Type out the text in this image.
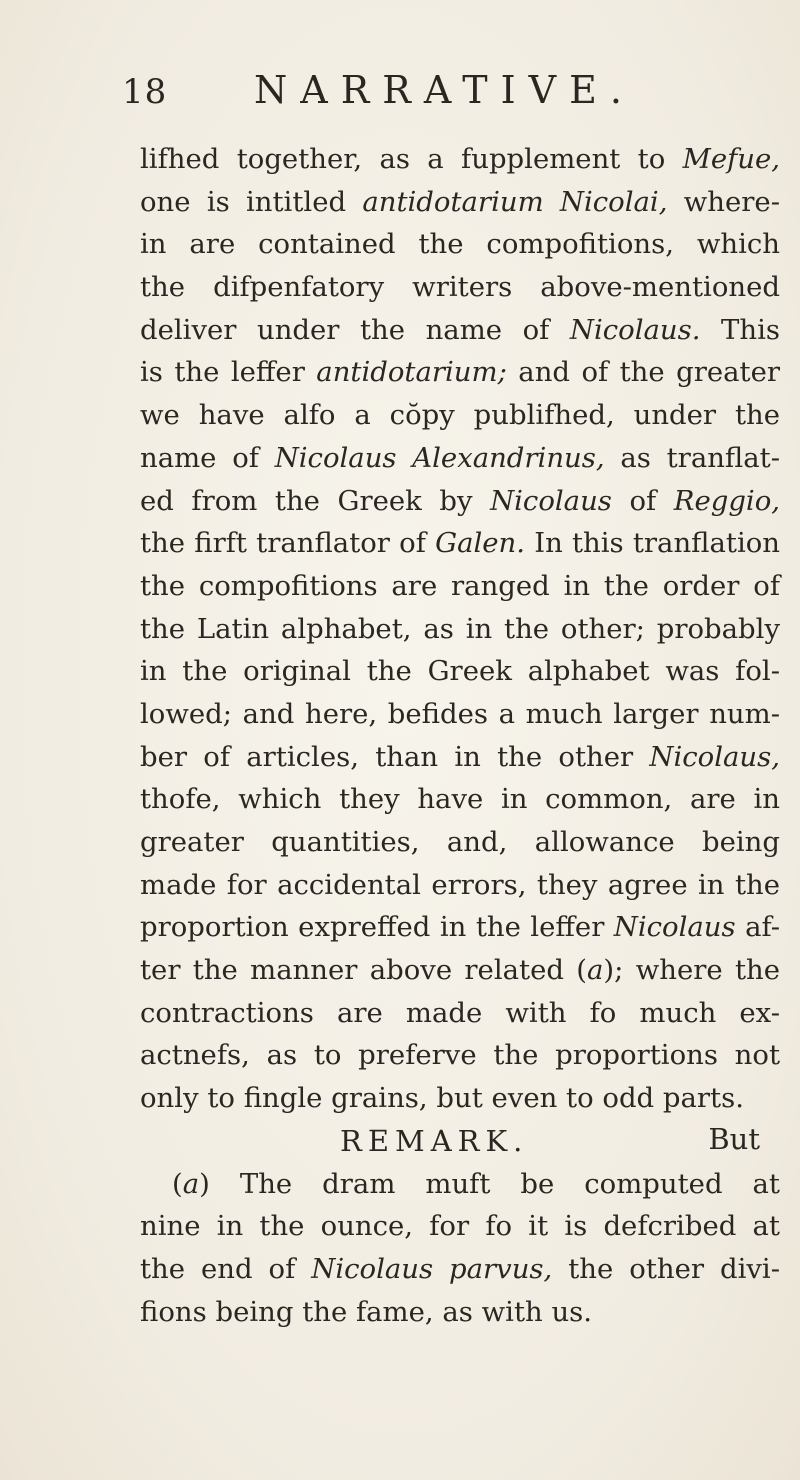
18 NARRATIVE.
lifhed together, as a fupplement to Mefue,
one is intitled antidotarium Nicolai, where-
in are contained the compofitions, which
the difpenfatory writers above-mentioned
deliver under the name of Nicolaus. This
is the leffer antidotarium; and of the greater
we have alfo a cŏpy publifhed, under the
name of Nicolaus Alexandrinus, as tranflat-
ed from the Greek by Nicolaus of Reggio,
the firft tranflator of Galen. In this tranflation
the compofitions are ranged in the order of
the Latin alphabet, as in the other; probably
in the original the Greek alphabet was fol-
lowed; and here, befides a much larger num-
ber of articles, than in the other Nicolaus,
thofe, which they have in common, are in
greater quantities, and, allowance being
made for accidental errors, they agree in the
proportion expreffed in the leffer Nicolaus af-
ter the manner above related (a); where the
contractions are made with fo much ex-
actnefs, as to preferve the proportions not
only to fingle grains, but even to odd parts.
REMARK.
(a) The dram muft be computed at
nine in the ounce, for fo it is defcribed at
the end of Nicolaus parvus, the other divi-
fions being the fame, as with us.
But
